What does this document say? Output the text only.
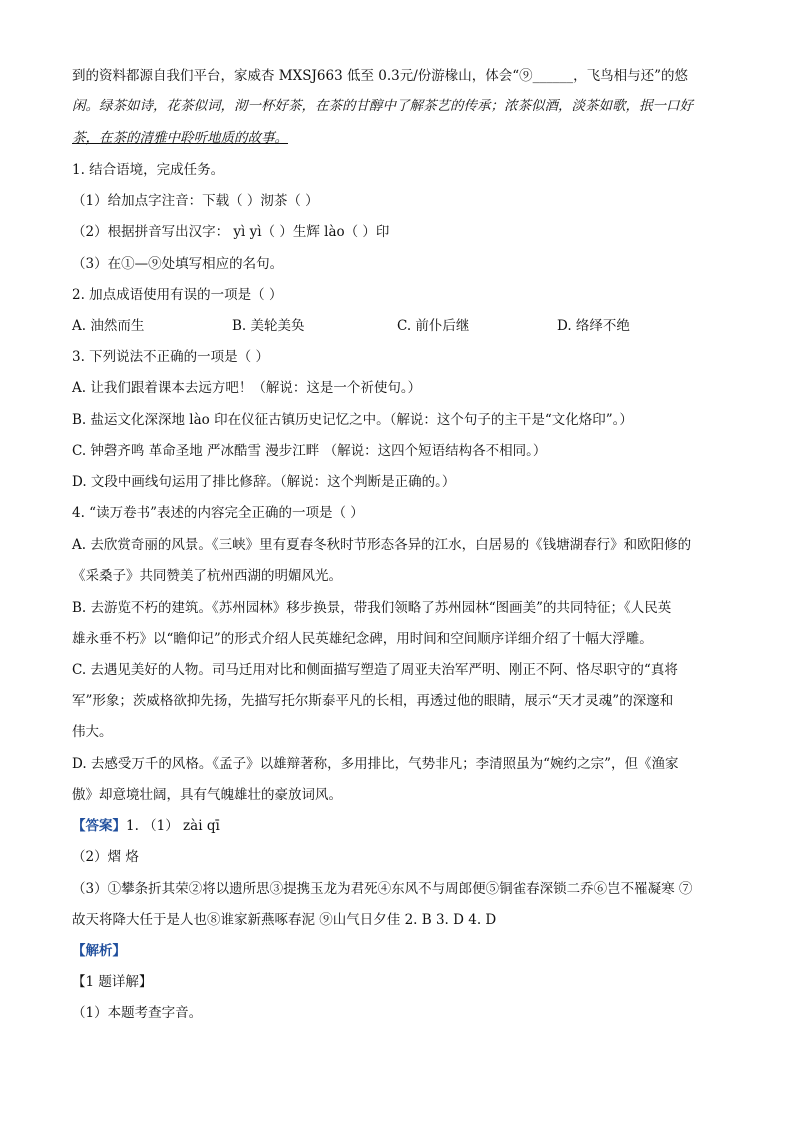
到的资料都源自我们平台，家威杏 MXSJ663 低至 0.3元/份游椽山，体会“⑨______，飞鸟相与还”的悠
闲。绿茶如诗，花茶似词，沏一杯好茶，在茶的甘醇中了解茶艺的传承；浓茶似酒，淡茶如歌，抿一口好
茶，在茶的清雅中聆听地质的故事。
1. 结合语境，完成任务。
（1）给加点字注音：下载（ ）沏茶（ ）
（2）根据拼音写出汉字： yì yì（ ）生辉 lào（ ）印
（3）在①—⑨处填写相应的名句。
2. 加点成语使用有误的一项是（ ）
A. 油然而生	B. 美轮美奂	C. 前仆后继	D. 络绎不绝
3. 下列说法不正确的一项是（ ）
A. 让我们跟着课本去远方吧！（解说：这是一个祈使句。）
B. 盐运文化深深地 lào 印在仪征古镇历史记忆之中。（解说：这个句子的主干是“文化烙印”。）
C. 钟磬齐鸣 革命圣地 严冰酷雪 漫步江畔 （解说：这四个短语结构各不相同。）
D. 文段中画线句运用了排比修辞。（解说：这个判断是正确的。）
4. “读万卷书”表述的内容完全正确的一项是（ ）
A. 去欣赏奇丽的风景。《三峡》里有夏春冬秋时节形态各异的江水，白居易的《钱塘湖春行》和欧阳修的
《采桑子》共同赞美了杭州西湖的明媚风光。
B. 去游览不朽的建筑。《苏州园林》移步换景，带我们领略了苏州园林“图画美”的共同特征；《人民英
雄永垂不朽》以“瞻仰记”的形式介绍人民英雄纪念碑，用时间和空间顺序详细介绍了十幅大浮雕。
C. 去遇见美好的人物。司马迁用对比和侧面描写塑造了周亚夫治军严明、刚正不阿、恪尽职守的“真将
军”形象；茨威格欲抑先扬，先描写托尔斯泰平凡的长相，再透过他的眼睛，展示“天才灵魂”的深邃和
伟大。
D. 去感受万千的风格。《孟子》以雄辩著称，多用排比，气势非凡；李清照虽为“婉约之宗”，但《渔家
傲》却意境壮阔，具有气魄雄壮的豪放词风。
【答案】1. （1） zài qī
（2）熠 烙
（3）①攀条折其荣②将以遗所思③提携玉龙为君死④东风不与周郎便⑤铜雀春深锁二乔⑥岂不罹凝寒 ⑦
故天将降大任于是人也⑧谁家新燕啄春泥 ⑨山气日夕佳 2. B 3. D 4. D
【解析】
【1 题详解】
（1）本题考查字音。
